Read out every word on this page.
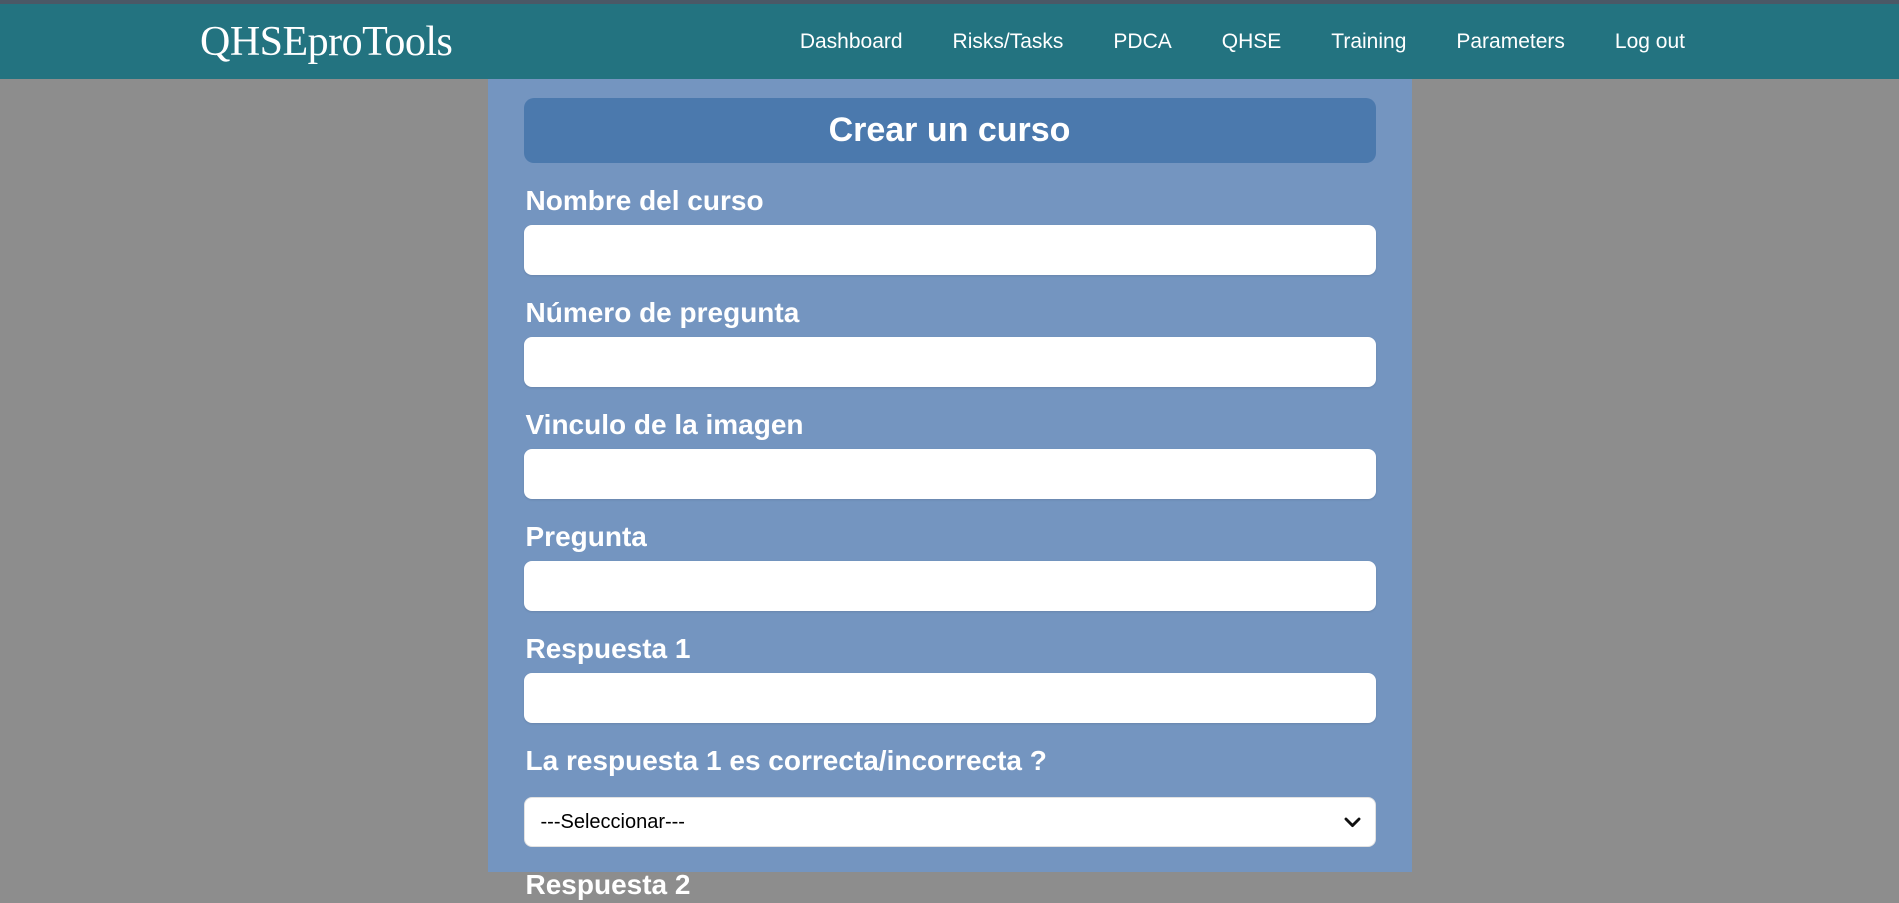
QHSEproTools	Dashboard Risks/Tasks PDCA QHSE Training Parameters Log out
Crear un curso
Nombre del curso
Número de pregunta
Vinculo de la imagen
Pregunta
Respuesta 1
La respuesta 1 es correcta/incorrecta ?
---Seleccionar---
Respuesta 2
